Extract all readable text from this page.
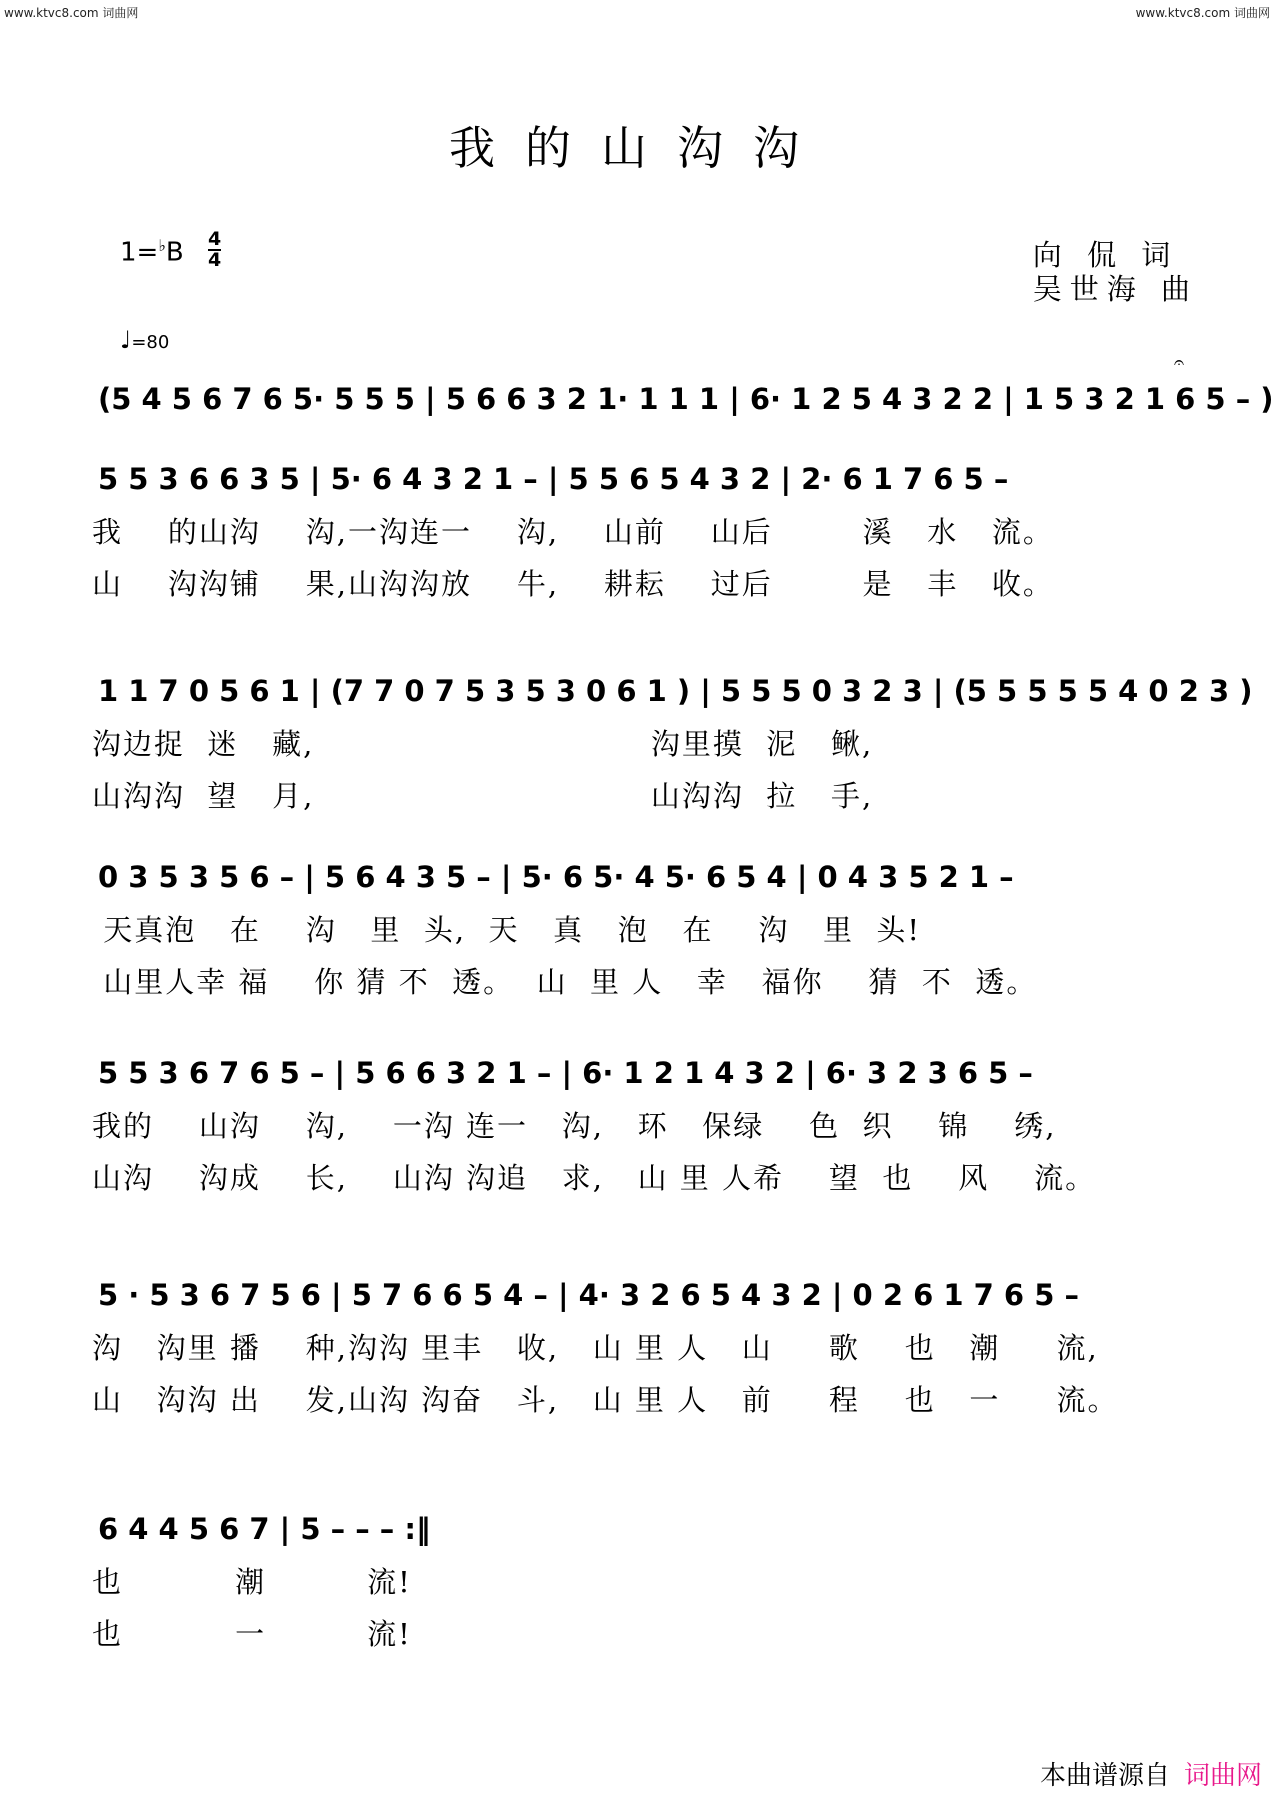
www.ktvc8.com 词曲网	www.ktvc8.com 词曲网
我的山沟沟
1=♭B 4
4	向 侃 词
吴世海 曲
♩=80
(5 4 5 6 7 6 5· 5 5 5 | 5 6 6 3 2 1· 1 1 1 | 6· 1 2 5 4 3 2 2 | 1 5 3 2 1 6 5 – )
𝄐
5 5 3 6 6 3 5 | 5· 6 4 3 2 1 – | 5 5 6 5 4 3 2 | 2· 6 1 7 6 5 –
我    的山沟    沟,一沟连一    沟,    山前    山后        溪   水   流。
山    沟沟铺    果,山沟沟放    牛,    耕耘    过后        是   丰   收。
1 1 7 0 5 6 1 | (7 7 0 7 5 3 5 3 0 6 1 ) | 5 5 5 0 3 2 3 | (5 5 5 5 5 4 0 2 3 )
沟边捉  迷   藏,                              沟里摸  泥   鳅,
山沟沟  望   月,                              山沟沟  拉   手,
0 3 5 3 5 6 – | 5 6 4 3 5 – | 5· 6 5· 4 5· 6 5 4 | 0 4 3 5 2 1 –
天真泡   在    沟   里  头,  天   真   泡   在    沟   里  头!
山里人幸 福    你 猜 不  透。  山  里 人   幸   福你    猜  不  透。
5 5 3 6 7 6 5 – | 5 6 6 3 2 1 – | 6· 1 2 1 4 3 2 | 6· 3 2 3 6 5 –
我的    山沟    沟,    一沟 连一   沟,   环   保绿    色  织    锦    绣,
山沟    沟成    长,    山沟 沟追   求,   山 里 人希    望  也    风    流。
5 · 5 3 6 7 5 6 | 5 7 6 6 5 4 – | 4· 3 2 6 5 4 3 2 | 0 2 6 1 7 6 5 –
沟   沟里 播    种,沟沟 里丰   收,   山 里 人   山     歌    也   潮     流,
山   沟沟 出    发,山沟 沟奋   斗,   山 里 人   前     程    也   一     流。
6 4 4 5 6 7 | 5 – – – :‖
也          潮         流!
也          一         流!
本曲谱源自 词曲网
